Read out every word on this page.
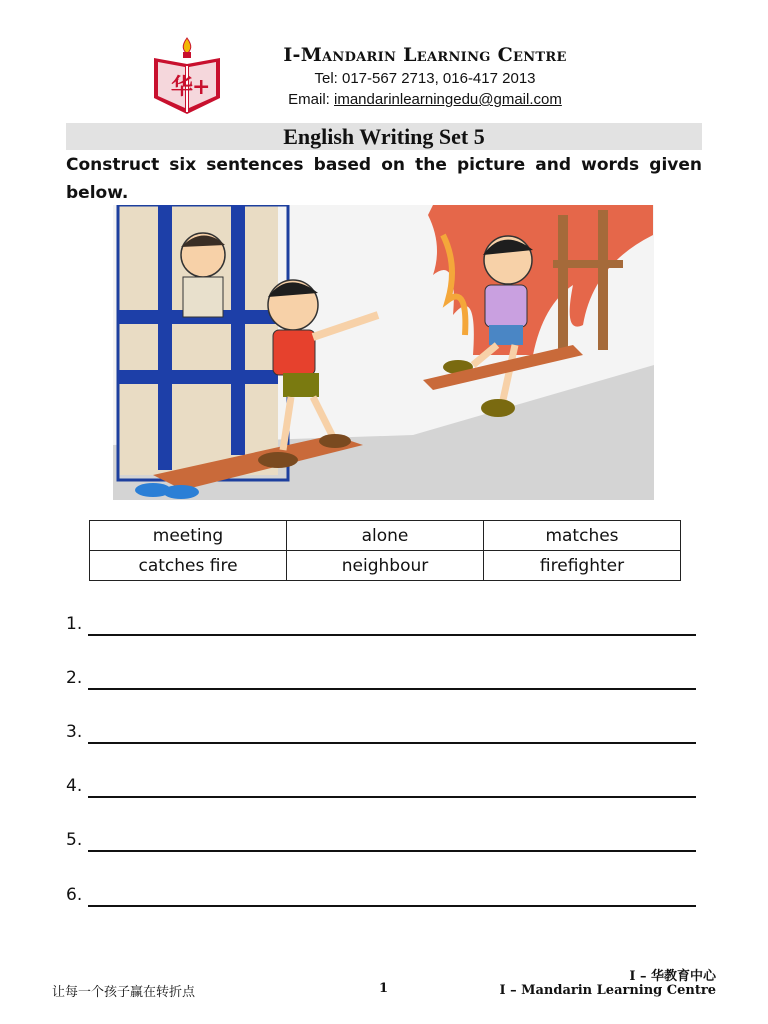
华
+
I-Mandarin Learning Centre
Tel: 017-567 2713, 016-417 2013
Email: imandarinlearningedu@gmail.com
English Writing Set 5
Construct six sentences based on the picture and words given below.
meeting	alone	matches
catches fire	neighbour	firefighter
1.
2.
3.
4.
5.
6.
让每一个孩子赢在转折点	1
I – 华教育中心
I – Mandarin Learning Centre
